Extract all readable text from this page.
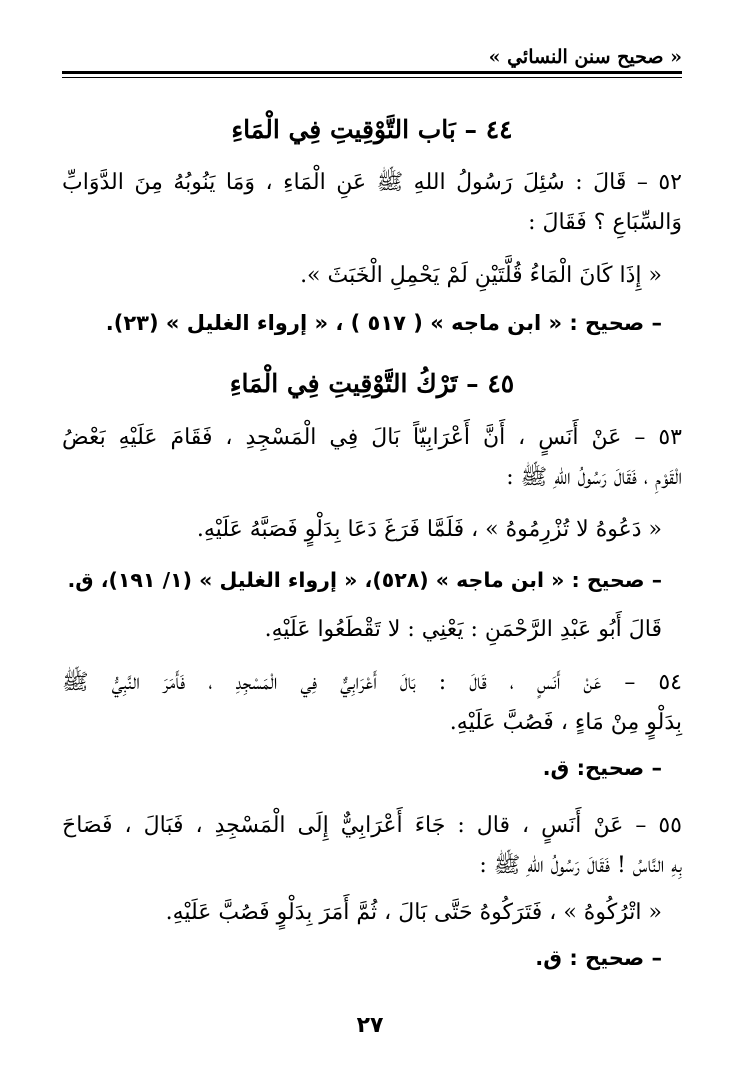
« صحيح سنن النسائي »
٤٤ – بَاب التَّوْقِيتِ فِي الْمَاءِ
٥٢ – قَالَ : سُئِلَ رَسُولُ اللهِ ﷺ عَنِ الْمَاءِ ، وَمَا يَنُوبُهُ مِنَ الدَّوَابِّ
وَالسِّبَاعِ ؟ فَقَالَ :
« إِذَا كَانَ الْمَاءُ قُلَّتَيْنِ لَمْ يَحْمِلِ الْخَبَثَ ».
– صحيح : « ابن ماجه » ( ٥١٧ ) ، « إرواء الغليل » (٢٣).
٤٥ – تَرْكُ التَّوْقِيتِ فِي الْمَاءِ
٥٣ – عَنْ أَنَسٍ ، أَنَّ أَعْرَابِيّاً بَالَ فِي الْمَسْجِدِ ، فَقَامَ عَلَيْهِ بَعْضُ
الْقَوْمِ ، فَقَالَ رَسُولُ اللهِ ﷺ :
« دَعُوهُ لا تُزْرِمُوهُ » ، فَلَمَّا فَرَغَ دَعَا بِدَلْوٍ فَصَبَّهُ عَلَيْهِ.
– صحيح : « ابن ماجه » (٥٢٨)، « إرواء الغليل » (١/ ١٩١)، ق.
قَالَ أَبُو عَبْدِ الرَّحْمَنِ : يَعْنِي : لا تَقْطَعُوا عَلَيْهِ.
٥٤ – عَنْ أَنَسٍ ، قَالَ : بَالَ أَعْرَابِيٌّ فِي الْمَسْجِدِ ، فَأَمَرَ النَّبِيُّ ﷺ
بِدَلْوٍ مِنْ مَاءٍ ، فَصُبَّ عَلَيْهِ.
– صحيح: ق.
٥٥ – عَنْ أَنَسٍ ، قال : جَاءَ أَعْرَابِيٌّ إِلَى الْمَسْجِدِ ، فَبَالَ ، فَصَاحَ
بِهِ النَّاسُ ! فَقَالَ رَسُولُ اللهِ ﷺ :
« اتْرُكُوهُ » ، فَتَرَكُوهُ حَتَّى بَالَ ، ثُمَّ أَمَرَ بِدَلْوٍ فَصُبَّ عَلَيْهِ.
– صحيح : ق.
٢٧
